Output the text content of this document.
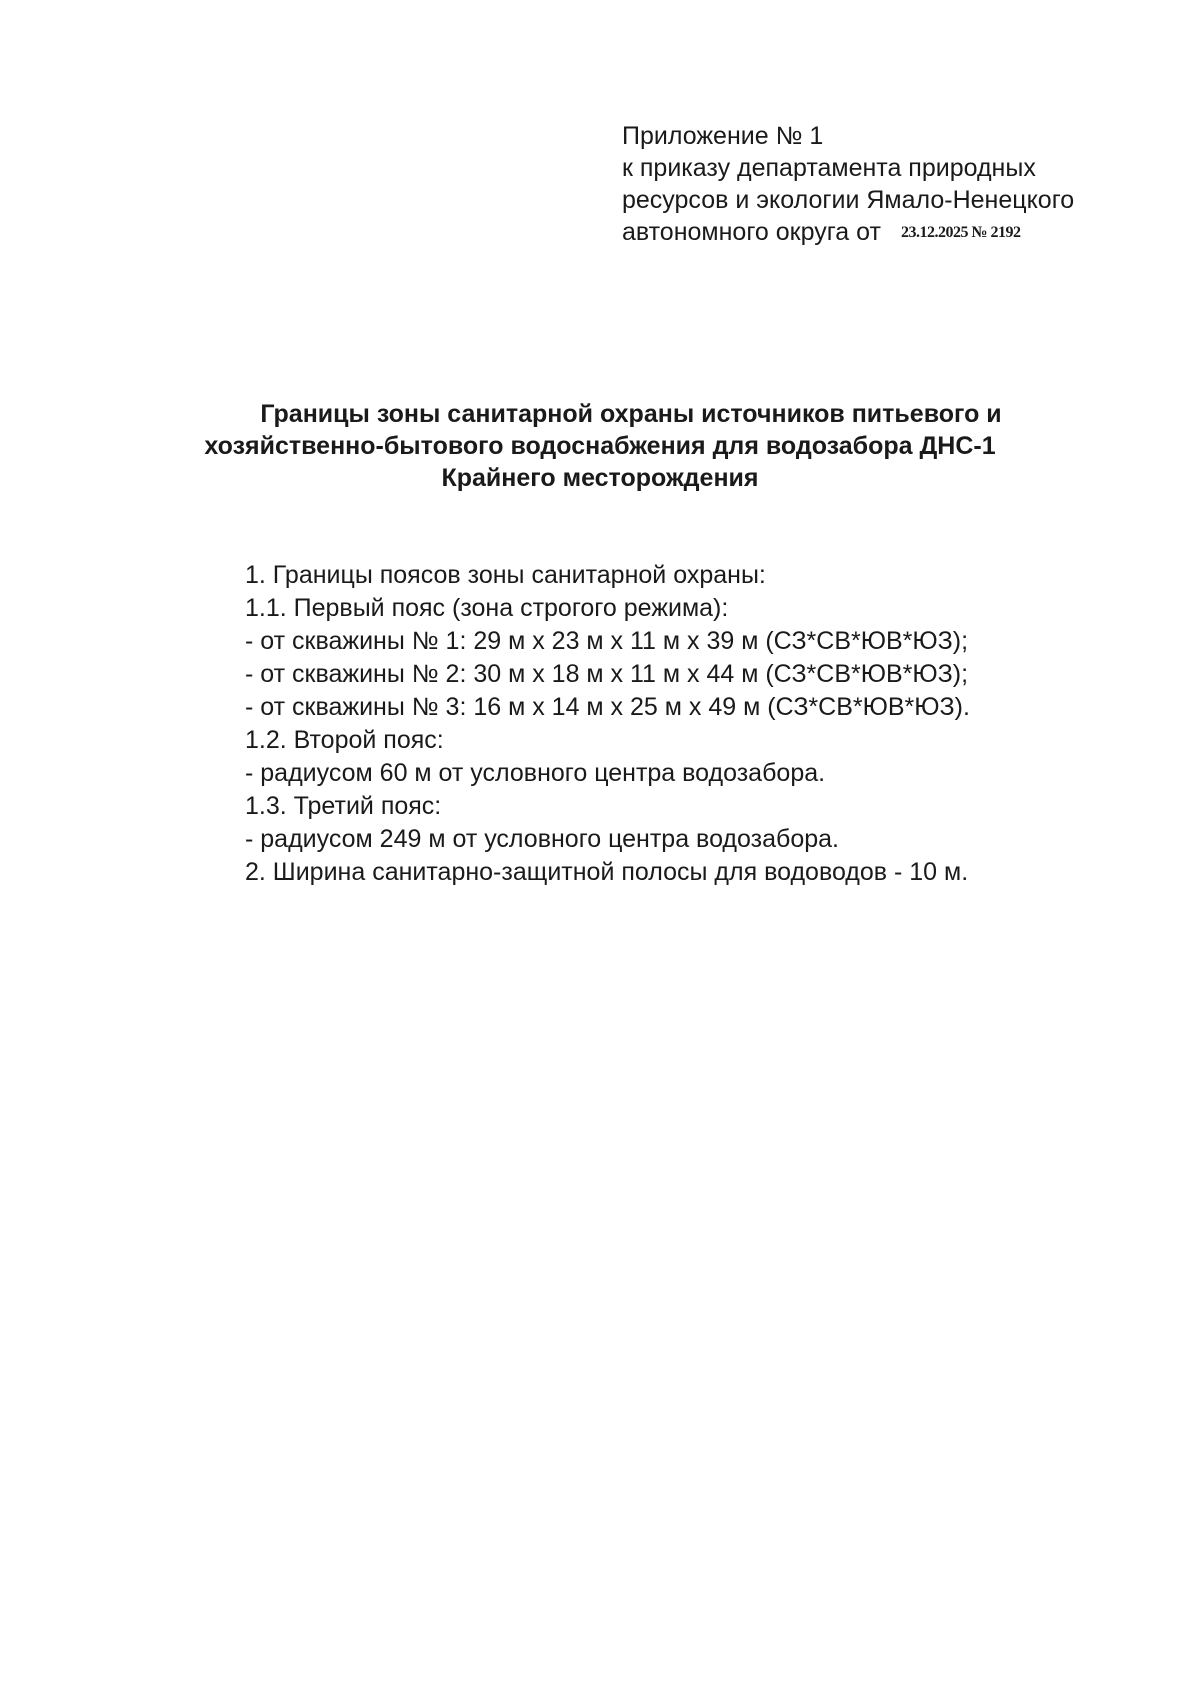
Приложение № 1
к приказу департамента природных
ресурсов и экологии Ямало-Ненецкого
автономного округа от 23.12.2025 № 2192
Границы зоны санитарной охраны источников питьевого и
хозяйственно-бытового водоснабжения для водозабора ДНС-1
Крайнего месторождения
1. Границы поясов зоны санитарной охраны:
1.1. Первый пояс (зона строгого режима):
- от скважины № 1: 29 м х 23 м х 11 м х 39 м (СЗ*СВ*ЮВ*ЮЗ);
- от скважины № 2: 30 м х 18 м х 11 м х 44 м (СЗ*СВ*ЮВ*ЮЗ);
- от скважины № 3: 16 м х 14 м х 25 м х 49 м (СЗ*СВ*ЮВ*ЮЗ).
1.2. Второй пояс:
- радиусом 60 м от условного центра водозабора.
1.3. Третий пояс:
- радиусом 249 м от условного центра водозабора.
2. Ширина санитарно-защитной полосы для водоводов - 10 м.
